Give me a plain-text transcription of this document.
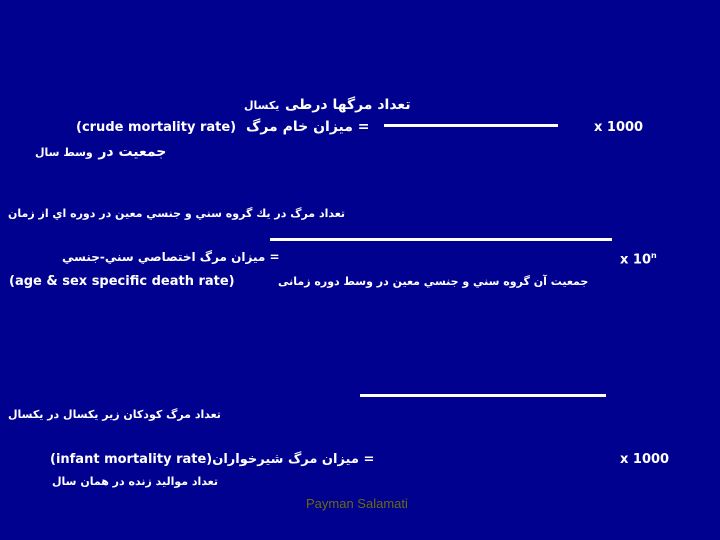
تعداد مرگها درطی یکسال
(crude mortality rate) = میزان خام مرگ	x 1000
جمعیت در وسط سال
تعداد مرگ در يك گروه سني و جنسي معين در دوره اي از زمان
= میزان مرگ اختصاصي سني-جنسي	x 10$^n$
(age & sex specific death rate)	جمعیت آن گروه سني و جنسي معين در وسط دوره زمانی
تعداد مرگ کودکان زیر یکسال در یکسال
(infant mortality rate)میزان مرگ شیرخواران =	x 1000
تعداد موالید زنده در همان سال
Payman Salamati
